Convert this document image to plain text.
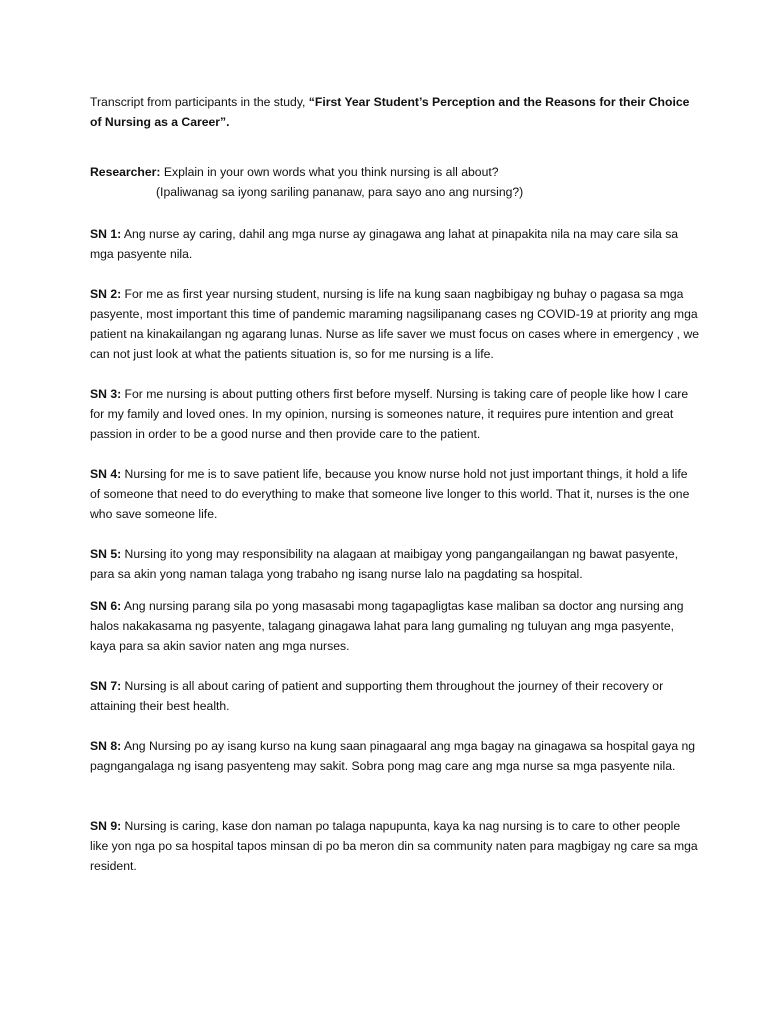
Transcript from participants in the study, “First Year Student’s Perception and the Reasons for their Choice of Nursing as a Career”.

Researcher: Explain in your own words what you think nursing is all about?
(Ipaliwanag sa iyong sariling pananaw, para sayo ano ang nursing?)

SN 1: Ang nurse ay caring, dahil ang mga nurse ay ginagawa ang lahat at pinapakita nila na may care sila sa mga pasyente nila.

SN 2: For me as first year nursing student, nursing is life na kung saan nagbibigay ng buhay o pagasa sa mga pasyente, most important this time of pandemic maraming nagsilipanang cases ng COVID-19 at priority ang mga patient na kinakailangan ng agarang lunas. Nurse as life saver we must focus on cases where in emergency , we can not just look at what the patients situation is, so for me nursing is a life.

SN 3: For me nursing is about putting others first before myself. Nursing is taking care of people like how I care for my family and loved ones. In my opinion, nursing is someones nature, it requires pure intention and great passion in order to be a good nurse and then provide care to the patient.

SN 4: Nursing for me is to save patient life, because you know nurse hold not just important things, it hold a life of someone that need to do everything to make that someone live longer to this world. That it, nurses is the one who save someone life.

SN 5: Nursing ito yong may responsibility na alagaan at maibigay yong pangangailangan ng bawat pasyente, para sa akin yong naman talaga yong trabaho ng isang nurse lalo na pagdating sa hospital.

SN 6: Ang nursing parang sila po yong masasabi mong tagapagligtas kase maliban sa doctor ang nursing ang halos nakakasama ng pasyente, talagang ginagawa lahat para lang gumaling ng tuluyan ang mga pasyente, kaya para sa akin savior naten ang mga nurses.

SN 7: Nursing is all about caring of patient and supporting them throughout the journey of their recovery or attaining their best health.

SN 8: Ang Nursing po ay isang kurso na kung saan pinagaaral ang mga bagay na ginagawa sa hospital gaya ng pagngangalaga ng isang pasyenteng may sakit. Sobra pong mag care ang mga nurse sa mga pasyente nila.

SN 9: Nursing is caring, kase don naman po talaga napupunta, kaya ka nag nursing is to care to other people like yon nga po sa hospital tapos minsan di po ba meron din sa community naten para magbigay ng care sa mga resident.
